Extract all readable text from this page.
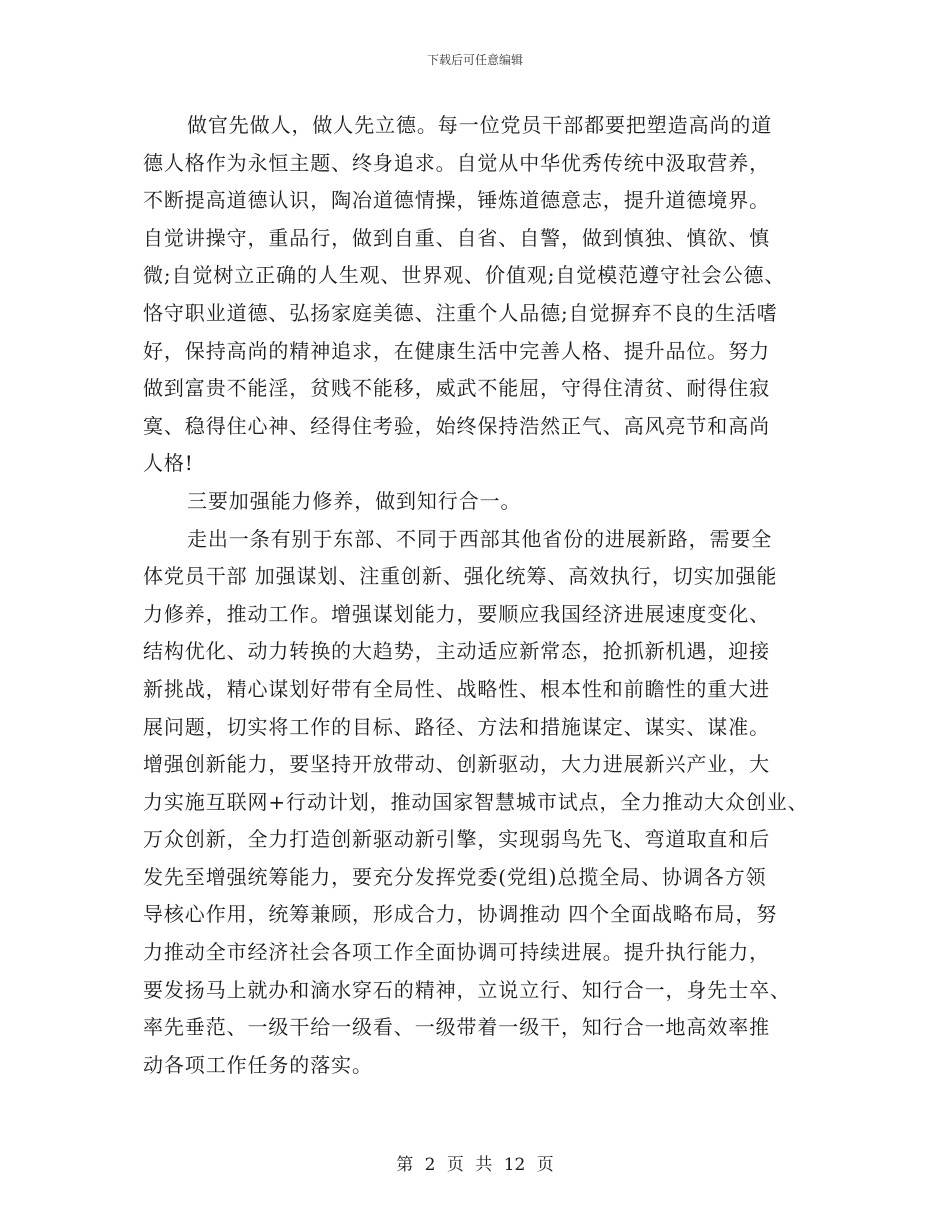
下载后可任意编辑
做官先做人，做人先立德。每一位党员干部都要把塑造高尚的道
德人格作为永恒主题、终身追求。自觉从中华优秀传统中汲取营养，
不断提高道德认识，陶冶道德情操，锤炼道德意志，提升道德境界。
自觉讲操守，重品行，做到自重、自省、自警，做到慎独、慎欲、慎
微;自觉树立正确的人生观、世界观、价值观;自觉模范遵守社会公德、
恪守职业道德、弘扬家庭美德、注重个人品德;自觉摒弃不良的生活嗜
好，保持高尚的精神追求，在健康生活中完善人格、提升品位。努力
做到富贵不能淫，贫贱不能移，威武不能屈，守得住清贫、耐得住寂
寞、稳得住心神、经得住考验，始终保持浩然正气、高风亮节和高尚
人格!
三要加强能力修养，做到知行合一。
走出一条有别于东部、不同于西部其他省份的进展新路，需要全
体党员干部 加强谋划、注重创新、强化统筹、高效执行，切实加强能
力修养，推动工作。增强谋划能力，要顺应我国经济进展速度变化、
结构优化、动力转换的大趋势，主动适应新常态，抢抓新机遇，迎接
新挑战，精心谋划好带有全局性、战略性、根本性和前瞻性的重大进
展问题，切实将工作的目标、路径、方法和措施谋定、谋实、谋准。
增强创新能力，要坚持开放带动、创新驱动，大力进展新兴产业，大
力实施互联网+行动计划，推动国家智慧城市试点，全力推动大众创业、
万众创新，全力打造创新驱动新引擎，实现弱鸟先飞、弯道取直和后
发先至增强统筹能力，要充分发挥党委(党组)总揽全局、协调各方领
导核心作用，统筹兼顾，形成合力，协调推动 四个全面战略布局，努
力推动全市经济社会各项工作全面协调可持续进展。提升执行能力，
要发扬马上就办和滴水穿石的精神，立说立行、知行合一，身先士卒、
率先垂范、一级干给一级看、一级带着一级干，知行合一地高效率推
动各项工作任务的落实。
第 2 页 共 12 页
